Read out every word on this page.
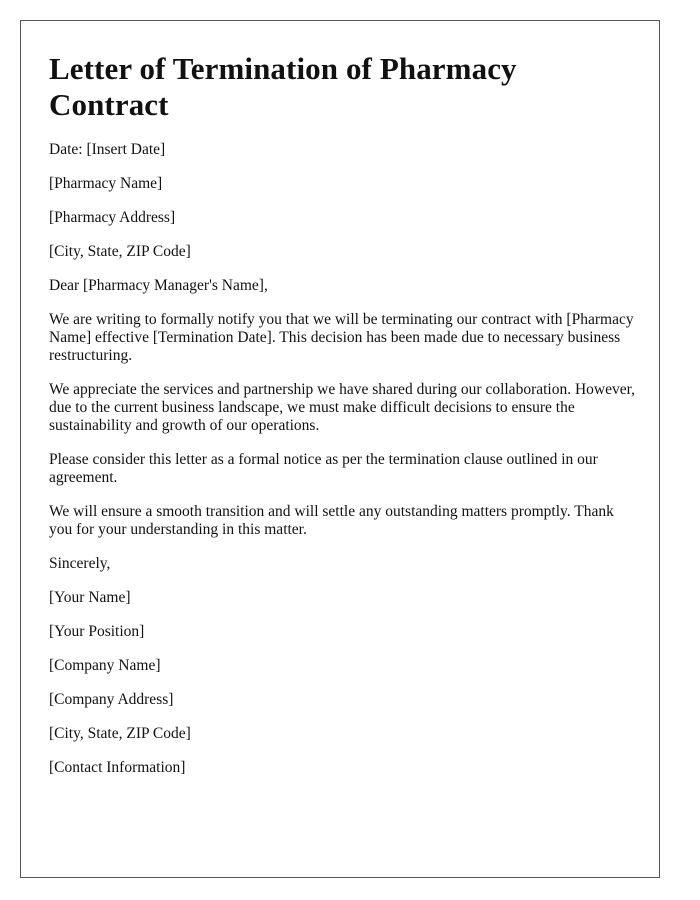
Letter of Termination of Pharmacy Contract

Date: [Insert Date]

[Pharmacy Name]

[Pharmacy Address]

[City, State, ZIP Code]

Dear [Pharmacy Manager's Name],

We are writing to formally notify you that we will be terminating our contract with [Pharmacy Name] effective [Termination Date]. This decision has been made due to necessary business restructuring.

We appreciate the services and partnership we have shared during our collaboration. However, due to the current business landscape, we must make difficult decisions to ensure the sustainability and growth of our operations.

Please consider this letter as a formal notice as per the termination clause outlined in our agreement.

We will ensure a smooth transition and will settle any outstanding matters promptly. Thank you for your understanding in this matter.

Sincerely,

[Your Name]

[Your Position]

[Company Name]

[Company Address]

[City, State, ZIP Code]

[Contact Information]
